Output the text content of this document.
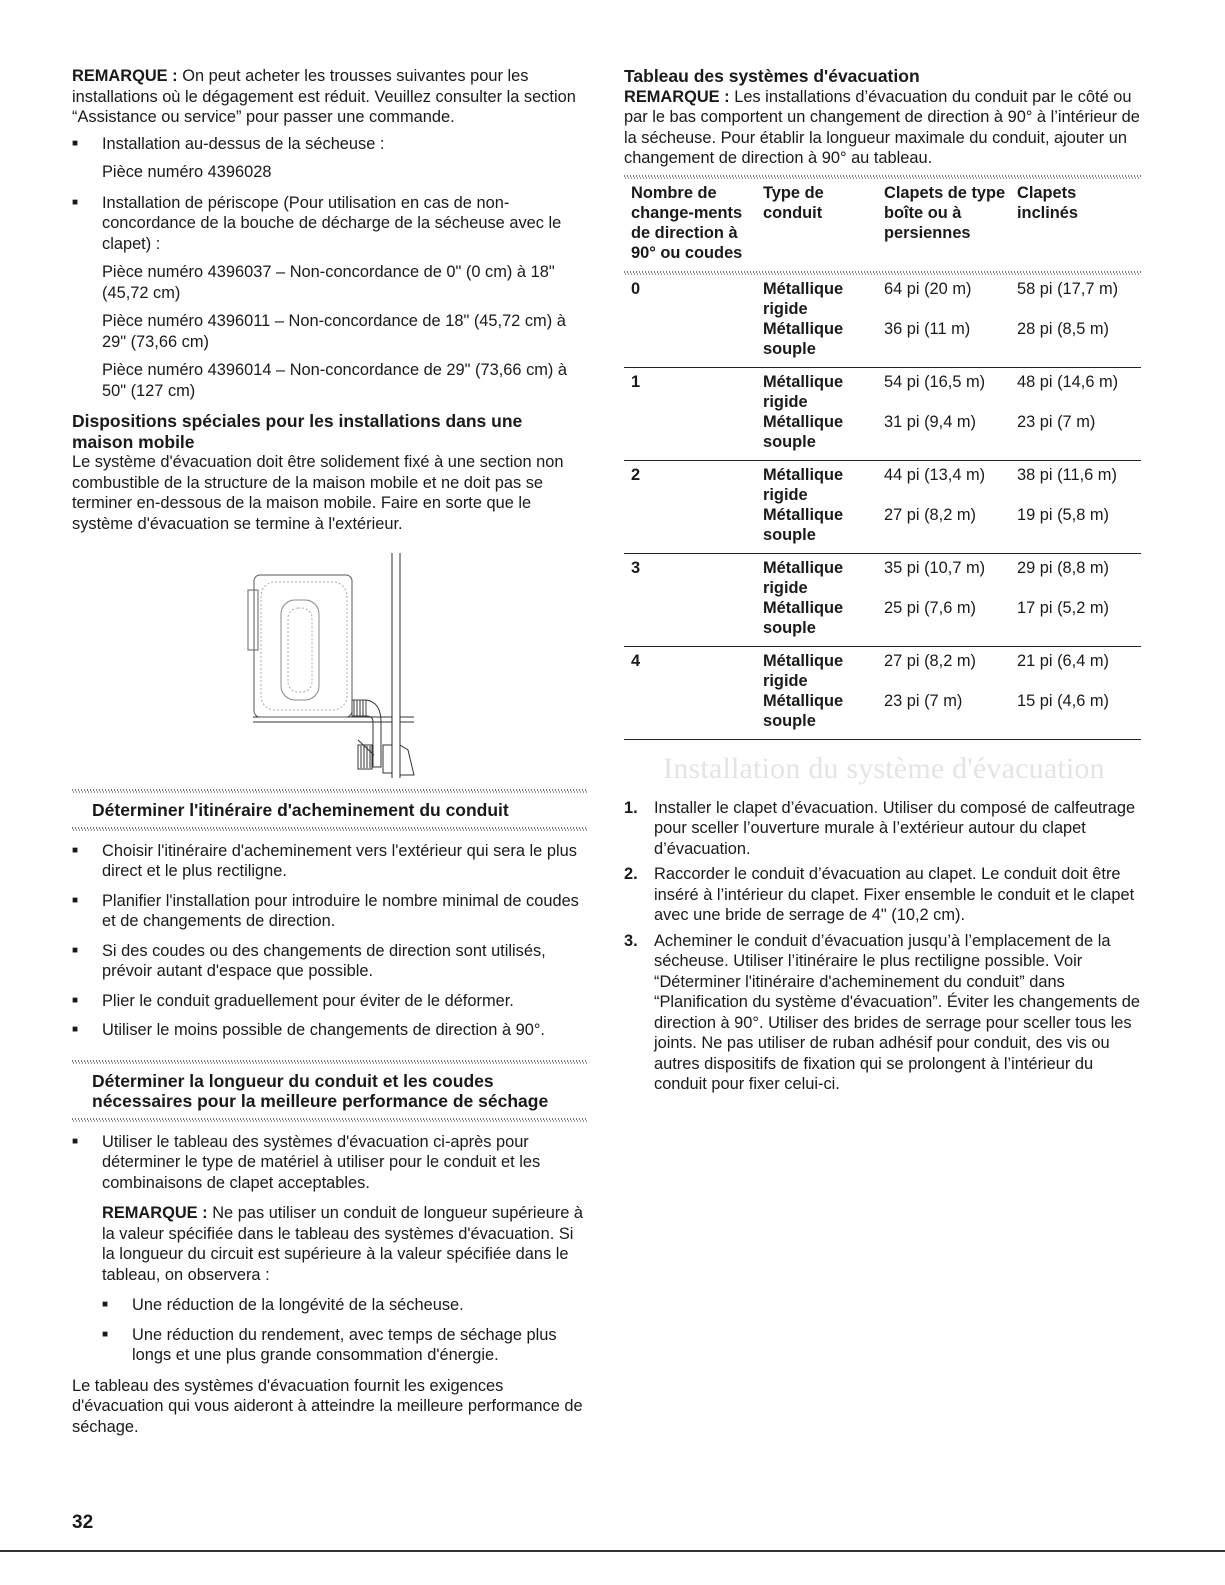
REMARQUE : On peut acheter les trousses suivantes pour les installations où le dégagement est réduit. Veuillez consulter la section “Assistance ou service” pour passer une commande.

■ Installation au-dessus de la sécheuse :

Pièce numéro 4396028

■ Installation de périscope (Pour utilisation en cas de non-concordance de la bouche de décharge de la sécheuse avec le clapet) :

Pièce numéro 4396037 – Non-concordance de 0" (0 cm) à 18" (45,72 cm)

Pièce numéro 4396011 – Non-concordance de 18" (45,72 cm) à 29" (73,66 cm)

Pièce numéro 4396014 – Non-concordance de 29" (73,66 cm) à 50" (127 cm)

Dispositions spéciales pour les installations dans une maison mobile

Le système d'évacuation doit être solidement fixé à une section non combustible de la structure de la maison mobile et ne doit pas se terminer en-dessous de la maison mobile. Faire en sorte que le système d'évacuation se termine à l'extérieur.

Déterminer l'itinéraire d'acheminement du conduit

■ Choisir l'itinéraire d'acheminement vers l'extérieur qui sera le plus direct et le plus rectiligne.

■ Planifier l'installation pour introduire le nombre minimal de coudes et de changements de direction.

■ Si des coudes ou des changements de direction sont utilisés, prévoir autant d'espace que possible.

■ Plier le conduit graduellement pour éviter de le déformer.

■ Utiliser le moins possible de changements de direction à 90°.

Déterminer la longueur du conduit et les coudes nécessaires pour la meilleure performance de séchage

■ Utiliser le tableau des systèmes d'évacuation ci-après pour déterminer le type de matériel à utiliser pour le conduit et les combinaisons de clapet acceptables.

REMARQUE : Ne pas utiliser un conduit de longueur supérieure à la valeur spécifiée dans le tableau des systèmes d'évacuation. Si la longueur du circuit est supérieure à la valeur spécifiée dans le tableau, on observera :

■ Une réduction de la longévité de la sécheuse.

■ Une réduction du rendement, avec temps de séchage plus longs et une plus grande consommation d'énergie.

Le tableau des systèmes d'évacuation fournit les exigences d'évacuation qui vous aideront à atteindre la meilleure performance de séchage.

Tableau des systèmes d'évacuation

REMARQUE : Les installations d’évacuation du conduit par le côté ou par le bas comportent un changement de direction à 90° à l’intérieur de la sécheuse. Pour établir la longueur maximale du conduit, ajouter un changement de direction à 90° au tableau.

Nombre de change-ments de direction à 90° ou coudes	Type de conduit	Clapets de type boîte ou à persiennes	Clapets inclinés

0	Métallique rigide	64 pi (20 m)	58 pi (17,7 m)
	Métallique souple	36 pi (11 m)	28 pi (8,5 m)
1	Métallique rigide	54 pi (16,5 m)	48 pi (14,6 m)
	Métallique souple	31 pi (9,4 m)	23 pi (7 m)
2	Métallique rigide	44 pi (13,4 m)	38 pi (11,6 m)
	Métallique souple	27 pi (8,2 m)	19 pi (5,8 m)
3	Métallique rigide	35 pi (10,7 m)	29 pi (8,8 m)
	Métallique souple	25 pi (7,6 m)	17 pi (5,2 m)
4	Métallique rigide	27 pi (8,2 m)	21 pi (6,4 m)
	Métallique souple	23 pi (7 m)	15 pi (4,6 m)

Installation du système d'évacuation

1. Installer le clapet d’évacuation. Utiliser du composé de calfeutrage pour sceller l’ouverture murale à l’extérieur autour du clapet d’évacuation.
2. Raccorder le conduit d’évacuation au clapet. Le conduit doit être inséré à l’intérieur du clapet. Fixer ensemble le conduit et le clapet avec une bride de serrage de 4" (10,2 cm).
3. Acheminer le conduit d’évacuation jusqu’à l’emplacement de la sécheuse. Utiliser l’itinéraire le plus rectiligne possible. Voir “Déterminer l'itinéraire d'acheminement du conduit” dans “Planification du système d'évacuation”. Éviter les changements de direction à 90°. Utiliser des brides de serrage pour sceller tous les joints. Ne pas utiliser de ruban adhésif pour conduit, des vis ou autres dispositifs de fixation qui se prolongent à l’intérieur du conduit pour fixer celui-ci.
32
